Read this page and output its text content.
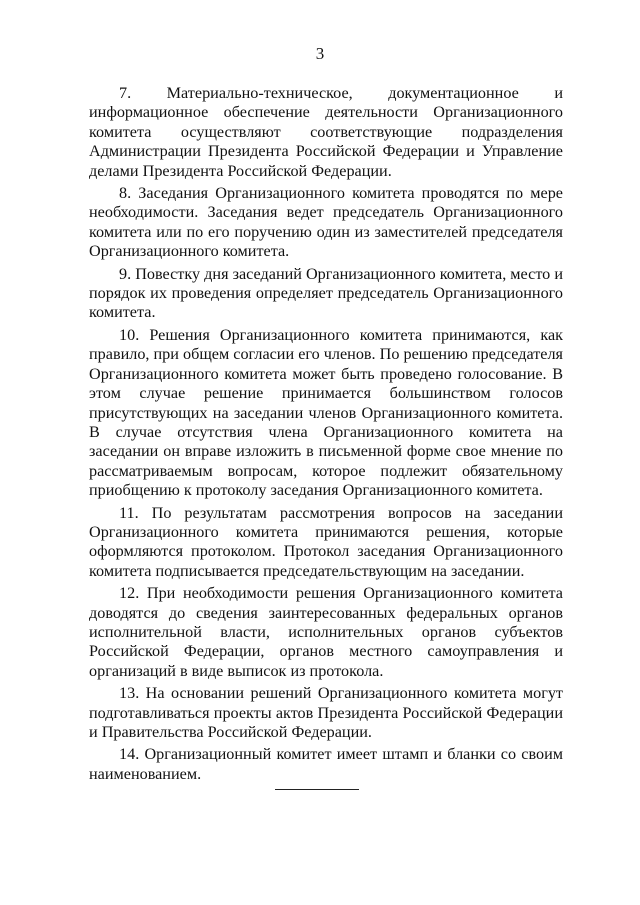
3

7. Материально-техническое, документационное и информационное обеспечение деятельности Организационного комитета осуществляют соответствующие подразделения Администрации Президента Российской Федерации и Управление делами Президента Российской Федерации.

8. Заседания Организационного комитета проводятся по мере необходимости. Заседания ведет председатель Организационного комитета или по его поручению один из заместителей председателя Организационного комитета.

9. Повестку дня заседаний Организационного комитета, место и порядок их проведения определяет председатель Организационного комитета.

10. Решения Организационного комитета принимаются, как правило, при общем согласии его членов. По решению председателя Организационного комитета может быть проведено голосование. В этом случае решение принимается большинством голосов присутствующих на заседании членов Организационного комитета. В случае отсутствия члена Организационного комитета на заседании он вправе изложить в письменной форме свое мнение по рассматриваемым вопросам, которое подлежит обязательному приобщению к протоколу заседания Организационного комитета.

11. По результатам рассмотрения вопросов на заседании Организационного комитета принимаются решения, которые оформляются протоколом. Протокол заседания Организационного комитета подписывается председательствующим на заседании.

12. При необходимости решения Организационного комитета доводятся до сведения заинтересованных федеральных органов исполнительной власти, исполнительных органов субъектов Российской Федерации, органов местного самоуправления и организаций в виде выписок из протокола.

13. На основании решений Организационного комитета могут подготавливаться проекты актов Президента Российской Федерации и Правительства Российской Федерации.

14. Организационный комитет имеет штамп и бланки со своим наименованием.
